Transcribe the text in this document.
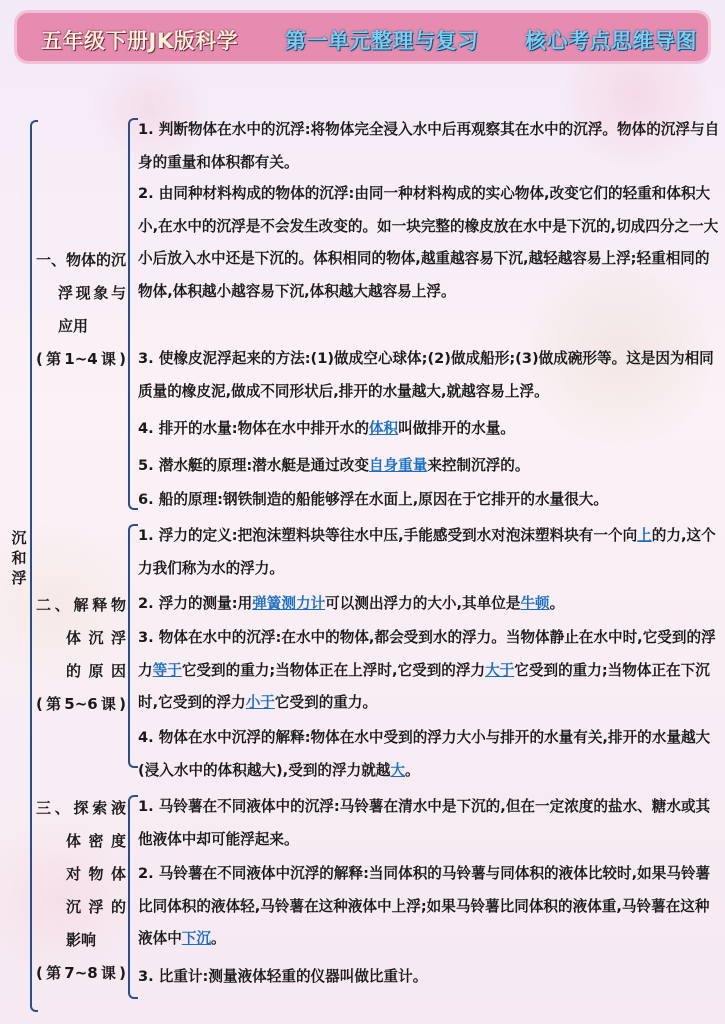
五年级下册JK版科学 第一单元整理与复习 核心考点思维导图
沉
和
浮
一、物体的沉
浮现象与
应用
(第1~4课)
1. 判断物体在水中的沉浮:将物体完全浸入水中后再观察其在水中的沉浮。物体的沉浮与自身的重量和体积都有关。
2. 由同种材料构成的物体的沉浮:由同一种材料构成的实心物体,改变它们的轻重和体积大小,在水中的沉浮是不会发生改变的。如一块完整的橡皮放在水中是下沉的,切成四分之一大小后放入水中还是下沉的。体积相同的物体,越重越容易下沉,越轻越容易上浮;轻重相同的物体,体积越小越容易下沉,体积越大越容易上浮。
3. 使橡皮泥浮起来的方法:(1)做成空心球体;(2)做成船形;(3)做成碗形等。这是因为相同质量的橡皮泥,做成不同形状后,排开的水量越大,就越容易上浮。
4. 排开的水量:物体在水中排开水的体积叫做排开的水量。
5. 潜水艇的原理:潜水艇是通过改变自身重量来控制沉浮的。
6. 船的原理:钢铁制造的船能够浮在水面上,原因在于它排开的水量很大。
二、解释物
体沉浮
的原因
(第5~6课)
1. 浮力的定义:把泡沫塑料块等往水中压,手能感受到水对泡沫塑料块有一个向上的力,这个力我们称为水的浮力。
2. 浮力的测量:用弹簧测力计可以测出浮力的大小,其单位是牛顿。
3. 物体在水中的沉浮:在水中的物体,都会受到水的浮力。当物体静止在水中时,它受到的浮力等于它受到的重力;当物体正在上浮时,它受到的浮力大于它受到的重力;当物体正在下沉时,它受到的浮力小于它受到的重力。
4. 物体在水中沉浮的解释:物体在水中受到的浮力大小与排开的水量有关,排开的水量越大(浸入水中的体积越大),受到的浮力就越大。
三、探索液
体密度
对物体
沉浮的
影响
(第7~8课)
1. 马铃薯在不同液体中的沉浮:马铃薯在清水中是下沉的,但在一定浓度的盐水、糖水或其他液体中却可能浮起来。
2. 马铃薯在不同液体中沉浮的解释:当同体积的马铃薯与同体积的液体比较时,如果马铃薯比同体积的液体轻,马铃薯在这种液体中上浮;如果马铃薯比同体积的液体重,马铃薯在这种液体中下沉。
3. 比重计:测量液体轻重的仪器叫做比重计。
